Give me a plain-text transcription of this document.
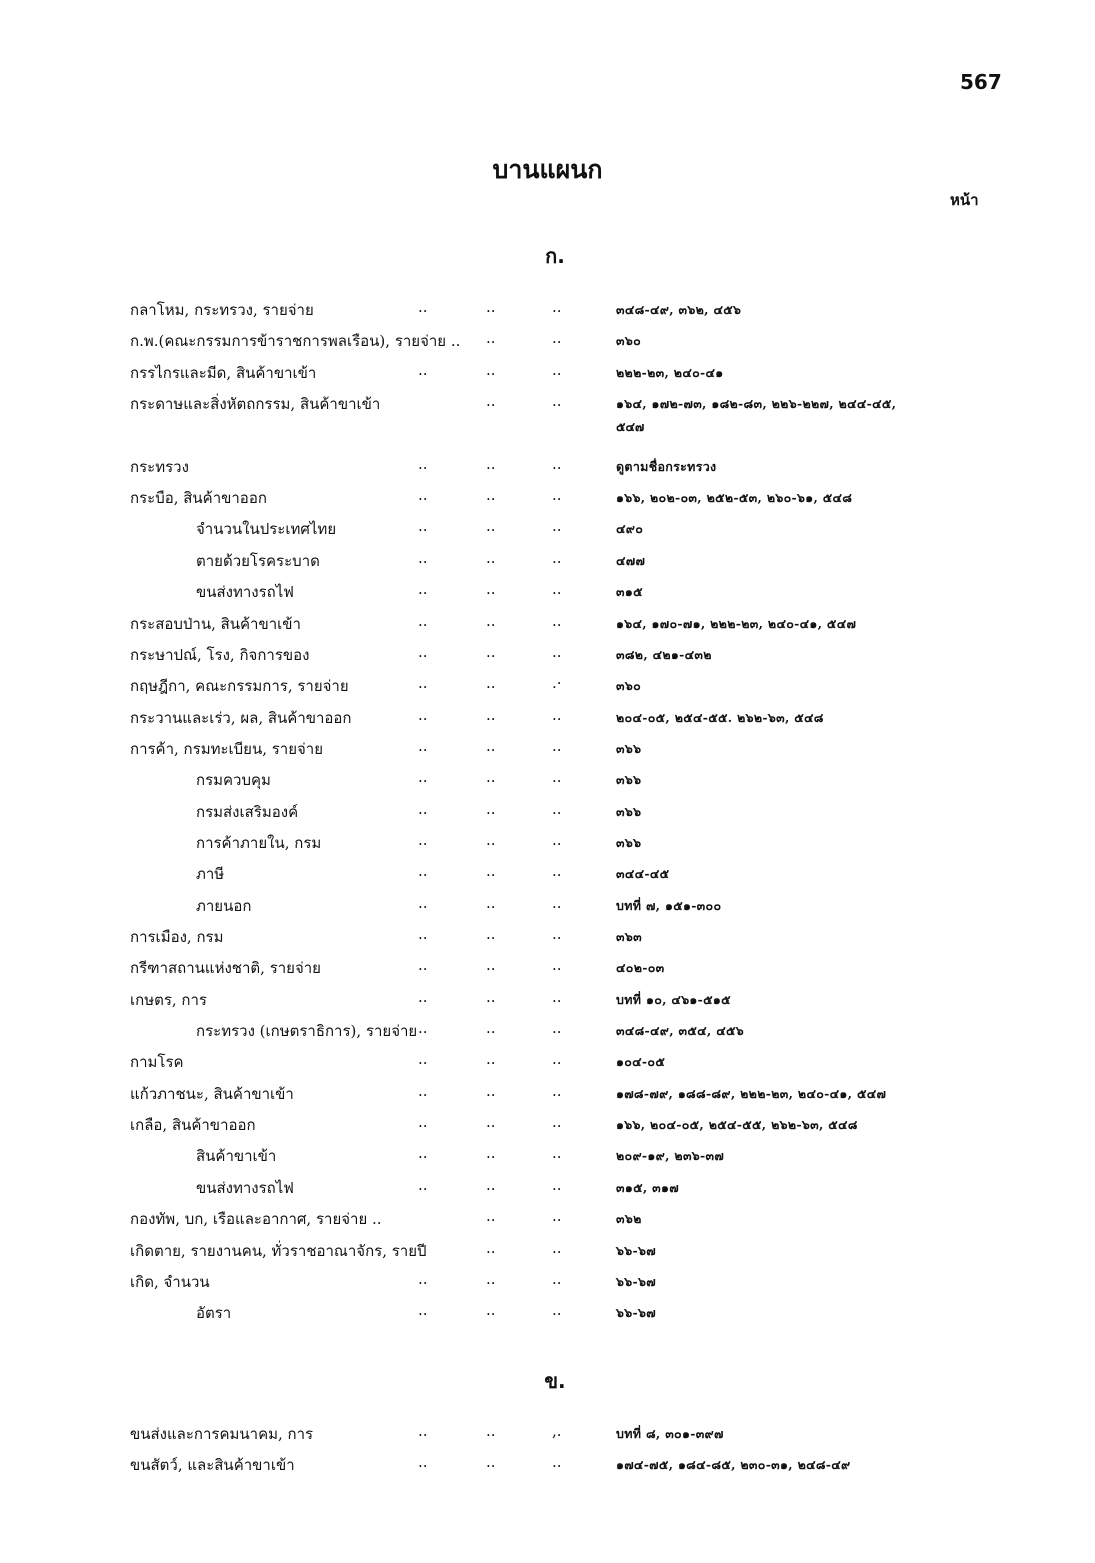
567
บานแผนก
หน้า
ก.
กลาโหม, กระทรวง, รายจ่าย	..	..	..	๓๔๘-๔๙, ๓๖๒, ๔๕๖
ก.พ.(คณะกรรมการข้าราชการพลเรือน), รายจ่าย .. ..	..	๓๖๐
กรรไกรและมีด, สินค้าขาเข้า	..	..	..	๒๒๒-๒๓, ๒๔๐-๔๑
กระดาษและสิ่งหัตถกรรม, สินค้าขาเข้า	..	..	๑๖๔, ๑๗๒-๗๓, ๑๘๒-๘๓, ๒๒๖-๒๒๗, ๒๔๔-๔๕,
๕๔๗
กระทรวง	..	..	..	ดูตามชื่อกระทรวง
กระบือ, สินค้าขาออก	..	..	..	๑๖๖, ๒๐๒-๐๓, ๒๕๒-๕๓, ๒๖๐-๖๑, ๕๔๘
จำนวนในประเทศไทย	..	..	..	๔๙๐
ตายด้วยโรคระบาด	..	..	..	๔๗๗
ขนส่งทางรถไฟ	..	..	..	๓๑๕
กระสอบป่าน, สินค้าขาเข้า	..	..	..	๑๖๔, ๑๗๐-๗๑, ๒๒๒-๒๓, ๒๔๐-๔๑, ๕๔๗
กระษาปณ์, โรง, กิจการของ	..	..	..	๓๘๒, ๔๒๑-๔๓๒
กฤษฎีกา, คณะกรรมการ, รายจ่าย	..	..	.·	๓๖๐
กระวานและเร่ว, ผล, สินค้าขาออก	..	..	..	๒๐๔-๐๕, ๒๕๔-๕๕. ๒๖๒-๖๓, ๕๔๘
การค้า, กรมทะเบียน, รายจ่าย	..	..	..	๓๖๖
กรมควบคุม	..	..	..	๓๖๖
กรมส่งเสริมองค์	..	..	..	๓๖๖
การค้าภายใน, กรม	..	..	..	๓๖๖
ภาษี	..	..	..	๓๔๔-๔๕
ภายนอก	..	..	..	บทที่ ๗, ๑๕๑-๓๐๐
การเมือง, กรม	..	..	..	๓๖๓
กรีฑาสถานแห่งชาติ, รายจ่าย	..	..	..	๔๐๒-๐๓
เกษตร, การ	..	..	..	บทที่ ๑๐, ๔๖๑-๕๑๕
กระทรวง (เกษตราธิการ), รายจ่าย ..	..	..	๓๔๘-๔๙, ๓๕๔, ๔๕๖
กามโรค	..	..	..	๑๐๔-๐๕
แก้วภาชนะ, สินค้าขาเข้า	..	..	..	๑๗๘-๗๙, ๑๘๘-๘๙, ๒๒๒-๒๓, ๒๔๐-๔๑, ๕๔๗
เกลือ, สินค้าขาออก	..	..	..	๑๖๖, ๒๐๔-๐๕, ๒๕๔-๕๕, ๒๖๒-๖๓, ๕๔๘
สินค้าขาเข้า	..	..	..	๒๐๙-๑๙, ๒๓๖-๓๗
ขนส่งทางรถไฟ	..	..	..	๓๑๕, ๓๑๗
กองทัพ, บก, เรือและอากาศ, รายจ่าย ..	..	..	๓๖๒
เกิดตาย, รายงานคน, ทั่วราชอาณาจักร, รายปี	..	..	๖๖-๖๗
เกิด, จำนวน	..	..	..	๖๖-๖๗
อัตรา	..	..	..	๖๖-๖๗
ข.
ขนส่งและการคมนาคม, การ	..	..	,.	บทที่ ๘, ๓๐๑-๓๙๗
ขนสัตว์, และสินค้าขาเข้า	..	..	..	๑๗๔-๗๕, ๑๘๔-๘๕, ๒๓๐-๓๑, ๒๔๘-๔๙
